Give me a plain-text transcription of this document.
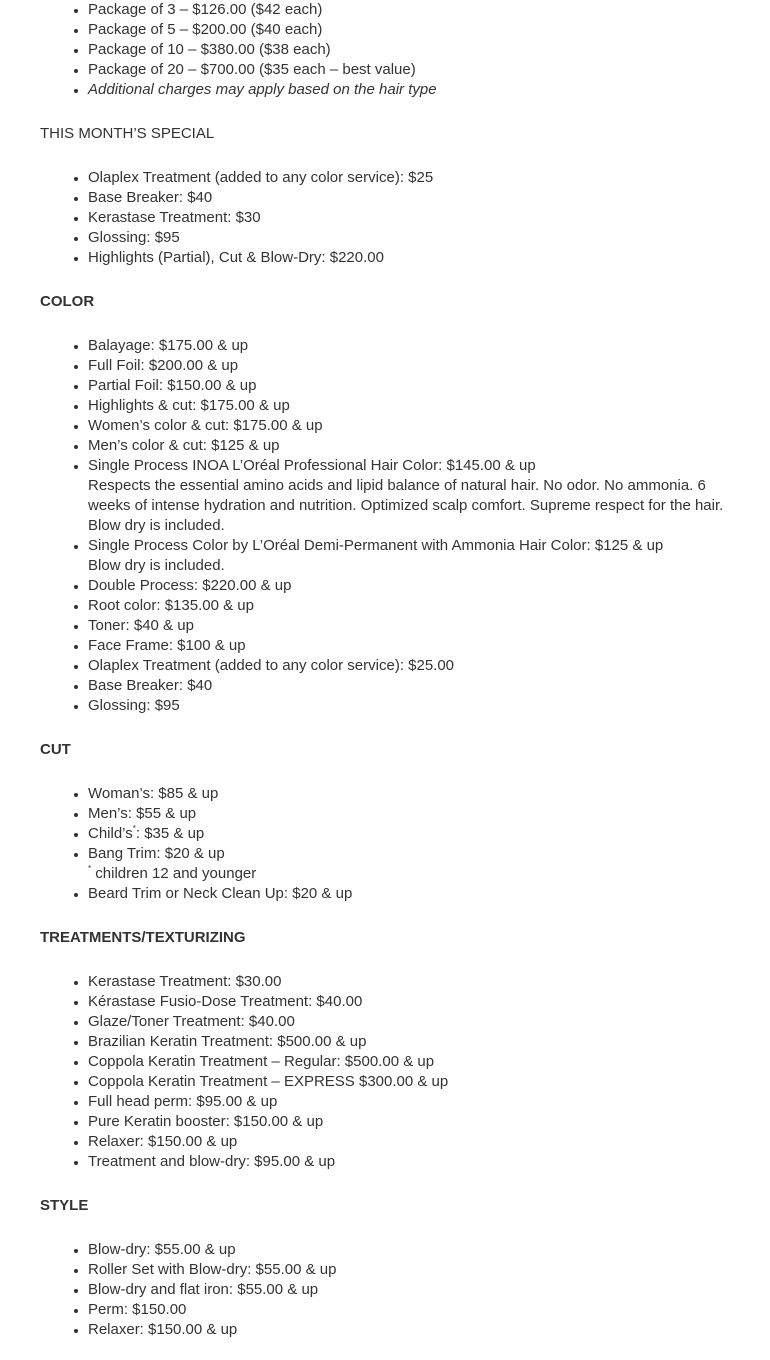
• Package of 3 – $126.00 ($42 each)
• Package of 5 – $200.00 ($40 each)
• Package of 10 – $380.00 ($38 each)
• Package of 20 – $700.00 ($35 each – best value)
• Additional charges may apply based on the hair type
THIS MONTH’S SPECIAL
• Olaplex Treatment (added to any color service): $25
• Base Breaker: $40
• Kerastase Treatment: $30
• Glossing: $95
• Highlights (Partial), Cut & Blow-Dry: $220.00
COLOR
• Balayage: $175.00 & up
• Full Foil: $200.00 & up
• Partial Foil: $150.00 & up
• Highlights & cut: $175.00 & up
• Women’s color & cut: $175.00 & up
• Men’s color & cut: $125 & up
• Single Process INOA L’Oréal Professional Hair Color: $145.00 & up
Respects the essential amino acids and lipid balance of natural hair. No odor. No ammonia. 6 weeks of intense hydration and nutrition. Optimized scalp comfort. Supreme respect for the hair. Blow dry is included.
• Single Process Color by L’Oréal Demi-Permanent with Ammonia Hair Color: $125 & up
Blow dry is included.
• Double Process: $220.00 & up
• Root color: $135.00 & up
• Toner: $40 & up
• Face Frame: $100 & up
• Olaplex Treatment (added to any color service): $25.00
• Base Breaker: $40
• Glossing: $95
CUT
• Woman’s: $85 & up
• Men’s: $55 & up
• Child’s*: $35 & up
• Bang Trim: $20 & up
* children 12 and younger
• Beard Trim or Neck Clean Up: $20 & up
TREATMENTS/TEXTURIZING
• Kerastase Treatment: $30.00
• Kérastase Fusio-Dose Treatment: $40.00
• Glaze/Toner Treatment: $40.00
• Brazilian Keratin Treatment: $500.00 & up
• Coppola Keratin Treatment – Regular: $500.00 & up
• Coppola Keratin Treatment – EXPRESS $300.00 & up
• Full head perm: $95.00 & up
• Pure Keratin booster: $150.00 & up
• Relaxer: $150.00 & up
• Treatment and blow-dry: $95.00 & up
STYLE
• Blow-dry: $55.00 & up
• Roller Set with Blow-dry: $55.00 & up
• Blow-dry and flat iron: $55.00 & up
• Perm: $150.00
• Relaxer: $150.00 & up
